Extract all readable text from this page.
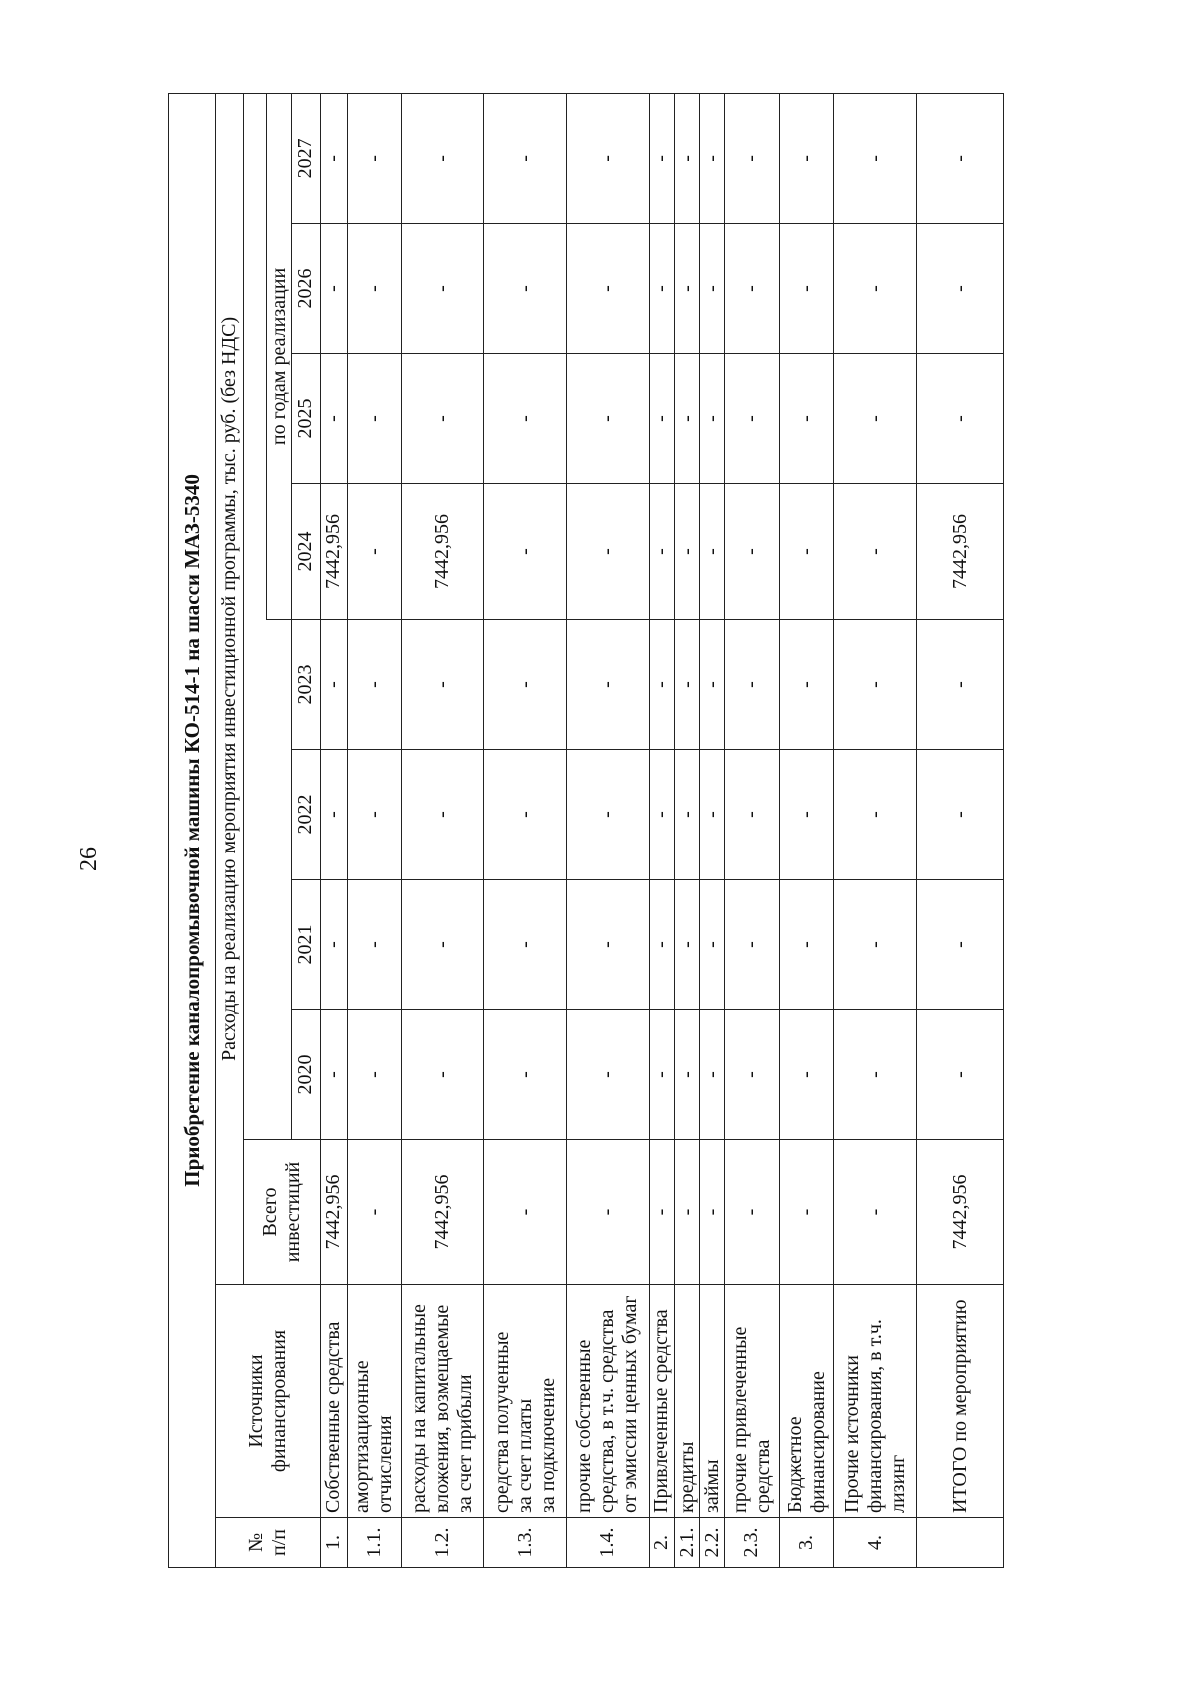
26	Приобретение каналопромывочной машины КО-514-1 на шасси МАЗ-5340										
№
п/п	Источники
финансирования	Расходы на реализацию мероприятия инвестиционной программы, тыс. руб. (без НДС)								
		Всего
инвестиций								
							по годам реализации			
			2020	2021	2022	2023	2024	2025	2026	2027
1.	Собственные средства	7442,956	-	-	-	-	7442,956	-	-	-
1.1.	амортизационные
отчисления	-	-	-	-	-	-	-	-	-
1.2.	расходы на капитальные
вложения, возмещаемые
за счет прибыли	7442,956	-	-	-	-	7442,956	-	-	-
1.3.	средства полученные
за счет платы
за подключение	-	-	-	-	-	-	-	-	-
1.4.	прочие собственные
средства, в т.ч. средства
от эмиссии ценных бумаг	-	-	-	-	-	-	-	-	-
2.	Привлеченные средства	-	-	-	-	-	-	-	-	-
2.1.	кредиты	-	-	-	-	-	-	-	-	-
2.2.	займы	-	-	-	-	-	-	-	-	-
2.3.	прочие привлеченные
средства	-	-	-	-	-	-	-	-	-
3.	Бюджетное
финансирование	-	-	-	-	-	-	-	-	-
4.	Прочие источники
финансирования, в т.ч.
лизинг	-	-	-	-	-	-	-	-	-
	ИТОГО по мероприятию	7442,956	-	-	-	-	7442,956	-	-	-
